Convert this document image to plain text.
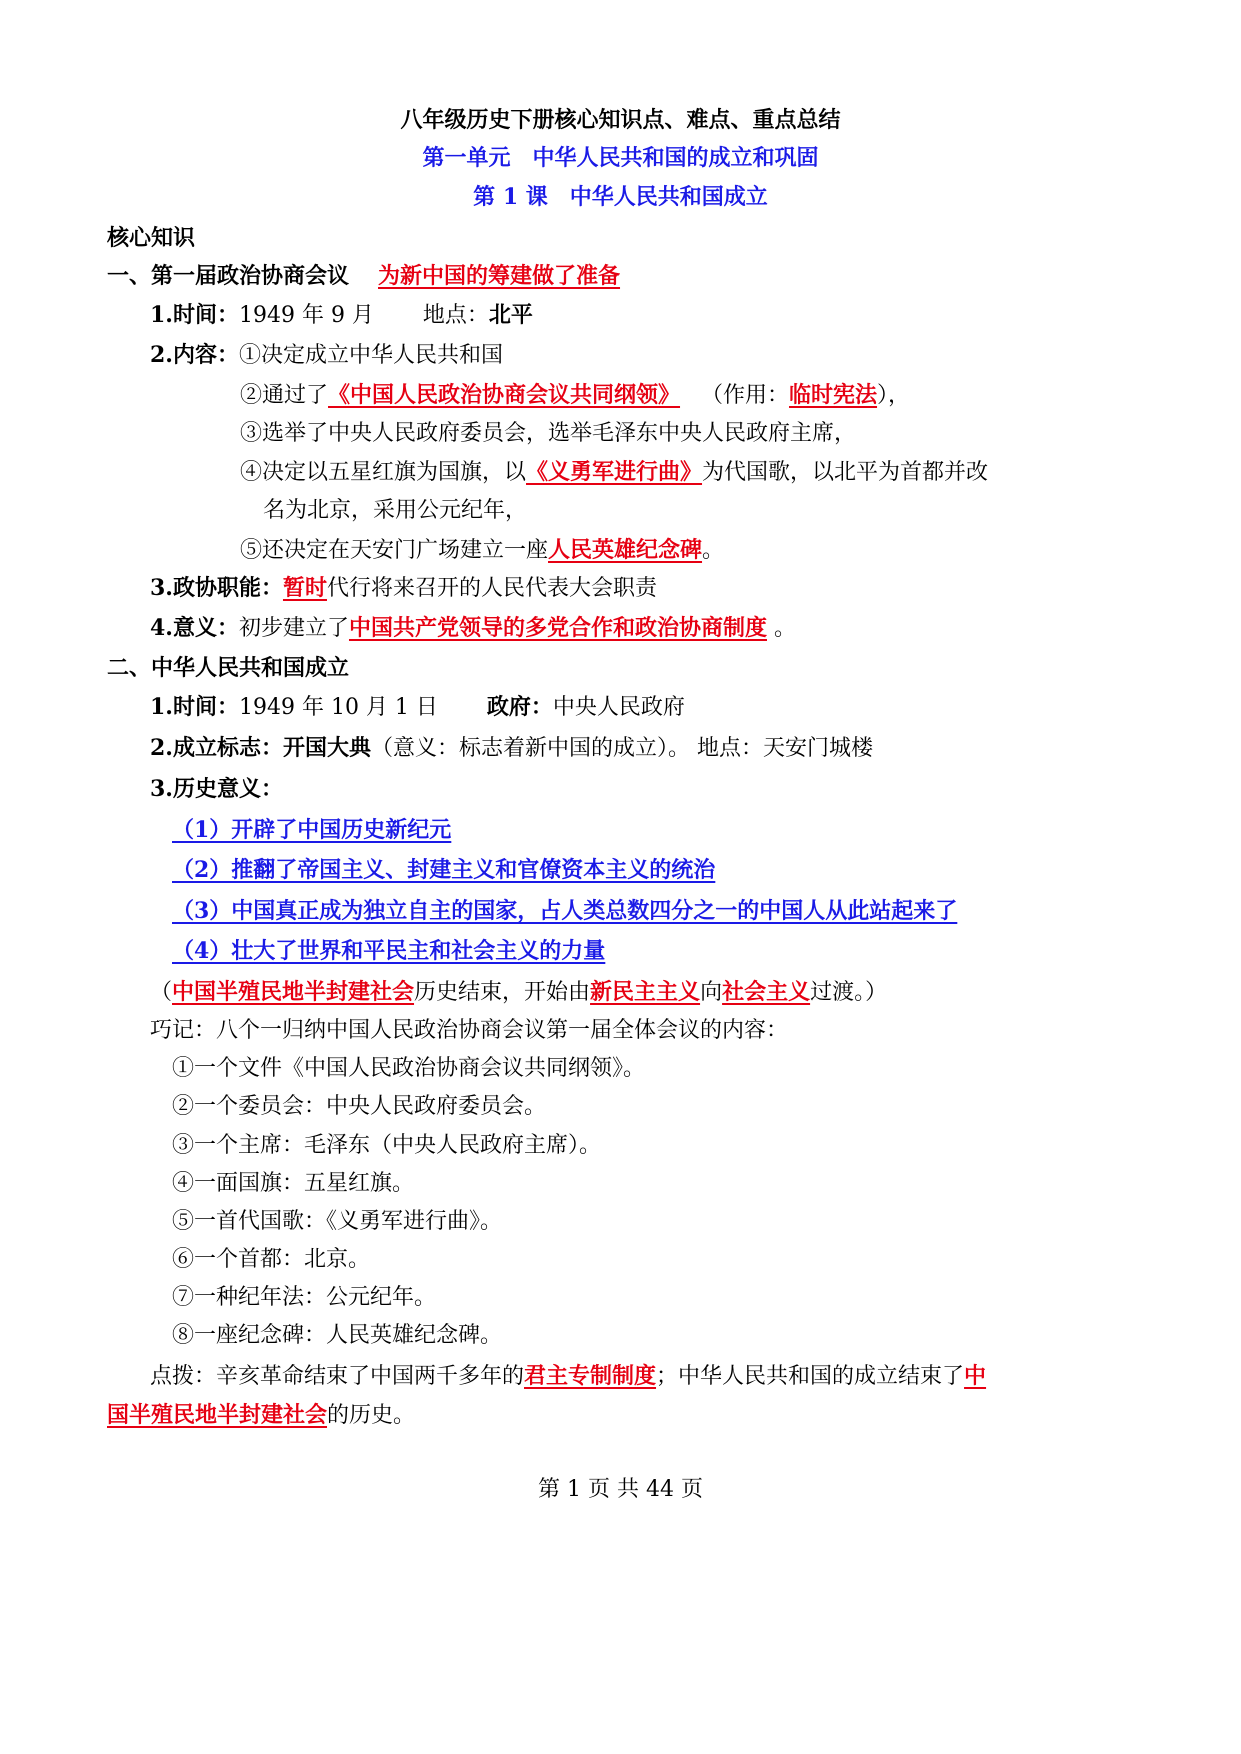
八年级历史下册核心知识点、难点、重点总结
第一单元　中华人民共和国的成立和巩固
第 1 课　中华人民共和国成立
核心知识
一、第一届政治协商会议　 为新中国的筹建做了准备
1.时间：1949 年 9 月 地点：北平
2.内容：①决定成立中华人民共和国
②通过了《中国人民政治协商会议共同纲领》 （作用：临时宪法），
③选举了中央人民政府委员会，选举毛泽东中央人民政府主席，
④决定以五星红旗为国旗，以《义勇军进行曲》为代国歌，以北平为首都并改
名为北京，采用公元纪年，
⑤还决定在天安门广场建立一座人民英雄纪念碑。
3.政协职能：暂时代行将来召开的人民代表大会职责
4.意义：初步建立了中国共产党领导的多党合作和政治协商制度 。
二、中华人民共和国成立
1.时间：1949 年 10 月 1 日 政府：中央人民政府
2.成立标志：开国大典（意义：标志着新中国的成立）。 地点：天安门城楼
3.历史意义：
（1）开辟了中国历史新纪元
（2）推翻了帝国主义、封建主义和官僚资本主义的统治
（3）中国真正成为独立自主的国家，占人类总数四分之一的中国人从此站起来了
（4）壮大了世界和平民主和社会主义的力量
（中国半殖民地半封建社会历史结束，开始由新民主主义向社会主义过渡。）
巧记：八个一归纳中国人民政治协商会议第一届全体会议的内容：
①一个文件《中国人民政治协商会议共同纲领》。
②一个委员会：中央人民政府委员会。
③一个主席：毛泽东（中央人民政府主席）。
④一面国旗：五星红旗。
⑤一首代国歌：《义勇军进行曲》。
⑥一个首都：北京。
⑦一种纪年法：公元纪年。
⑧一座纪念碑：人民英雄纪念碑。
点拨：辛亥革命结束了中国两千多年的君主专制制度；中华人民共和国的成立结束了中
国半殖民地半封建社会的历史。
第 1 页 共 44 页
